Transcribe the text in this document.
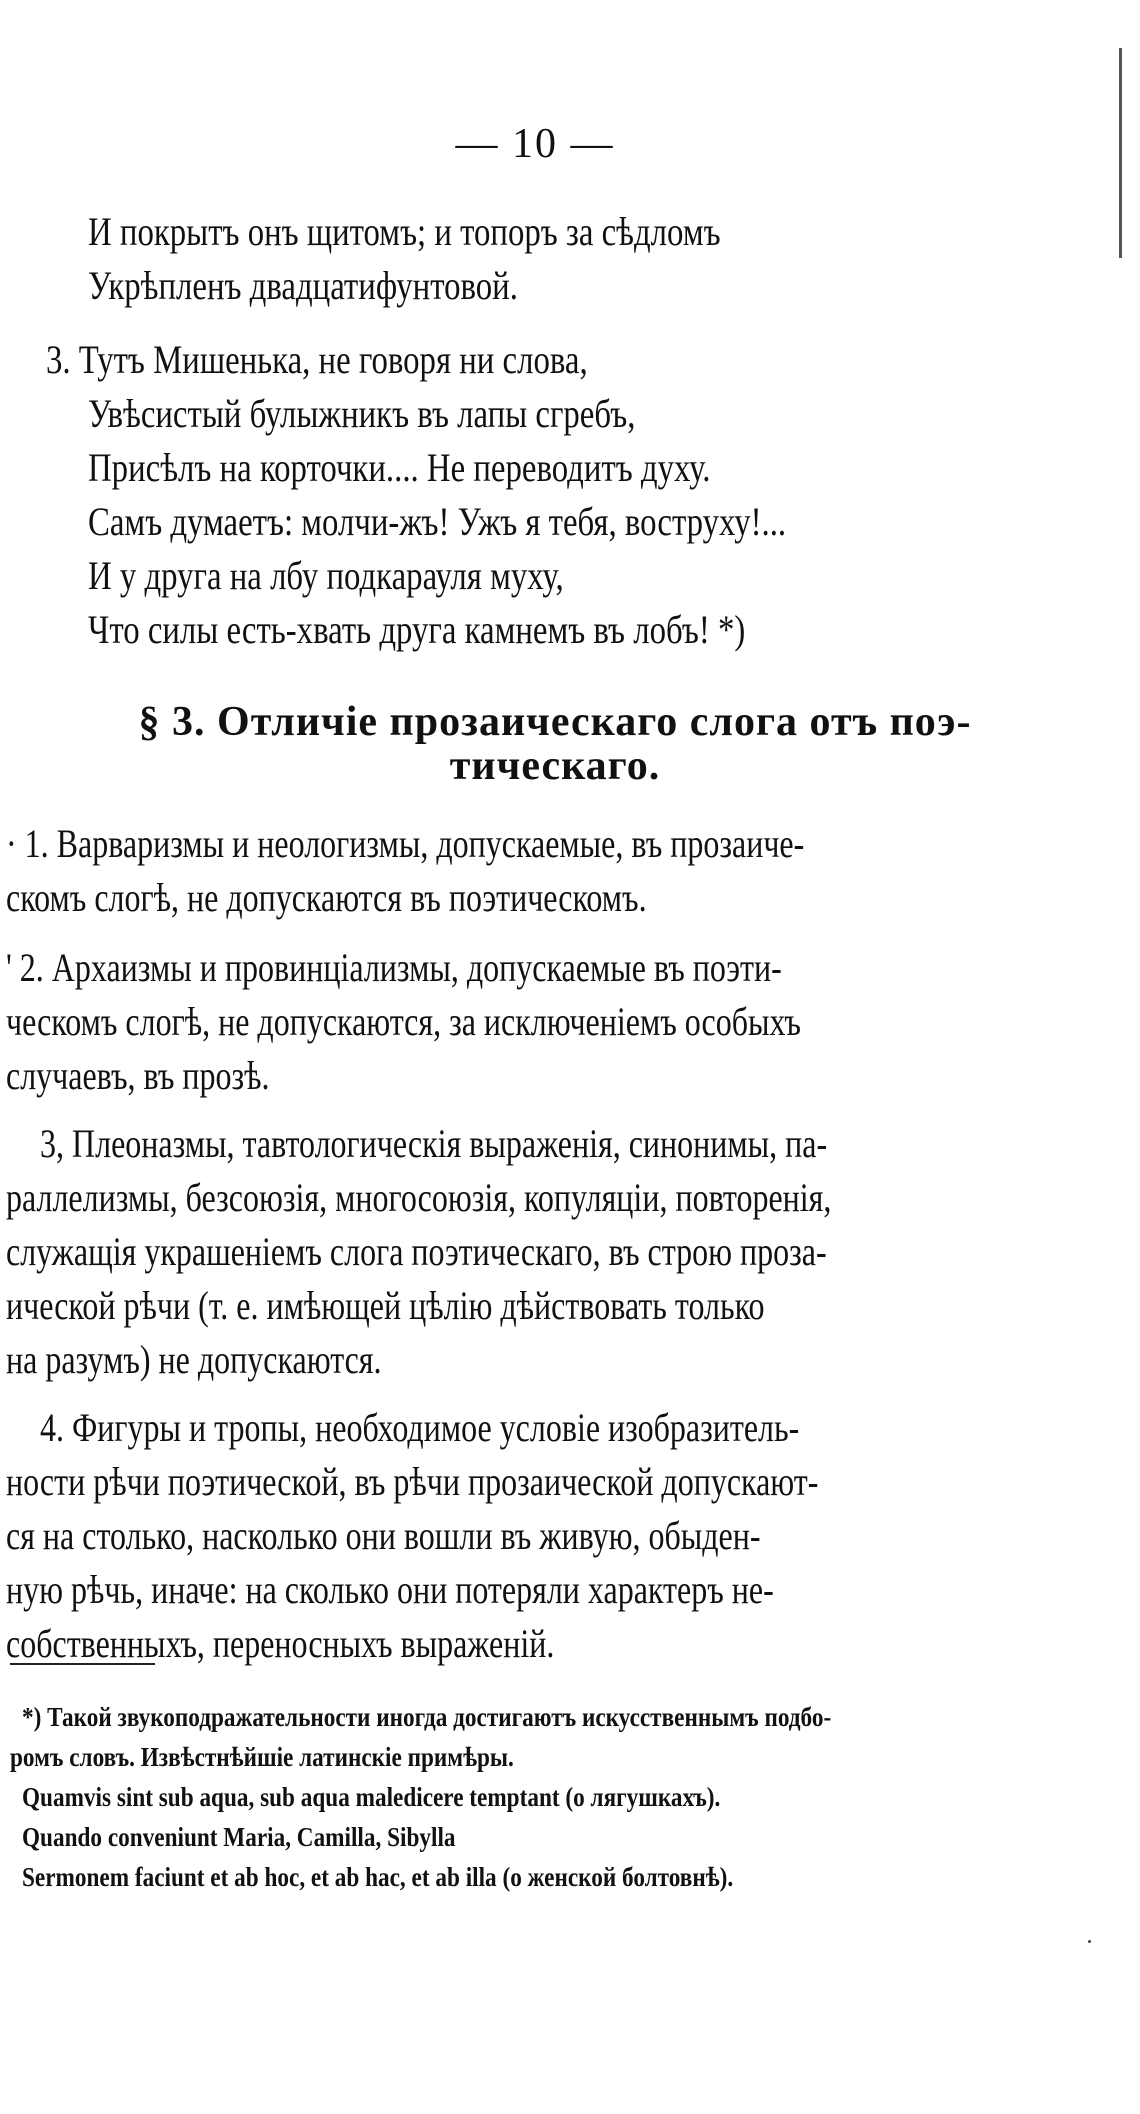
— 10 —
И покрытъ онъ щитомъ; и топоръ за сѣдломъ
Укрѣпленъ двадцатифунтовой.
3. Тутъ Мишенька, не говоря ни слова,
Увѣсистый булыжникъ въ лапы сгребъ,
Присѣлъ на корточки.... Не переводитъ духу.
Самъ думаетъ: молчи-жъ! Ужъ я тебя, воструху!...
И у друга на лбу подкарауля муху,
Что силы есть-хвать друга камнемъ въ лобъ! *)
§ 3. Отличіе прозаическаго слога отъ поэ-
тическаго.
· 1. Варваризмы и неологизмы, допускаемые, въ прозаиче-
скомъ слогѣ, не допускаются въ поэтическомъ.
' 2. Архаизмы и провинціализмы, допускаемые въ поэти-
ческомъ слогѣ, не допускаются, за исключеніемъ особыхъ
случаевъ, въ прозѣ.
3, Плеоназмы, тавтологическія выраженія, синонимы, па-
раллелизмы, безсоюзія, многосоюзія, копуляціи, повторенія,
служащія украшеніемъ слога поэтическаго, въ строю проза-
ической рѣчи (т. е. имѣющей цѣлію дѣйствовать только
на разумъ) не допускаются.
4. Фигуры и тропы, необходимое условіе изобразитель-
ности рѣчи поэтической, въ рѣчи прозаической допускают-
ся на столько, насколько они вошли въ живую, обыден-
ную рѣчь, иначе: на сколько они потеряли характеръ не-
собственныхъ, переносныхъ выраженій.
*) Такой звукоподражательности иногда достигаютъ искусственнымъ подбо-
ромъ словъ. Извѣстнѣйшіе латинскіе примѣры.
Quamvis sint sub aqua, sub aqua maledicere temptant (о лягушкахъ).
Quando conveniunt Maria, Camilla, Sibylla
Sermonem faciunt et ab hoc, et ab hac, et ab illa (о женской болтовнѣ).
